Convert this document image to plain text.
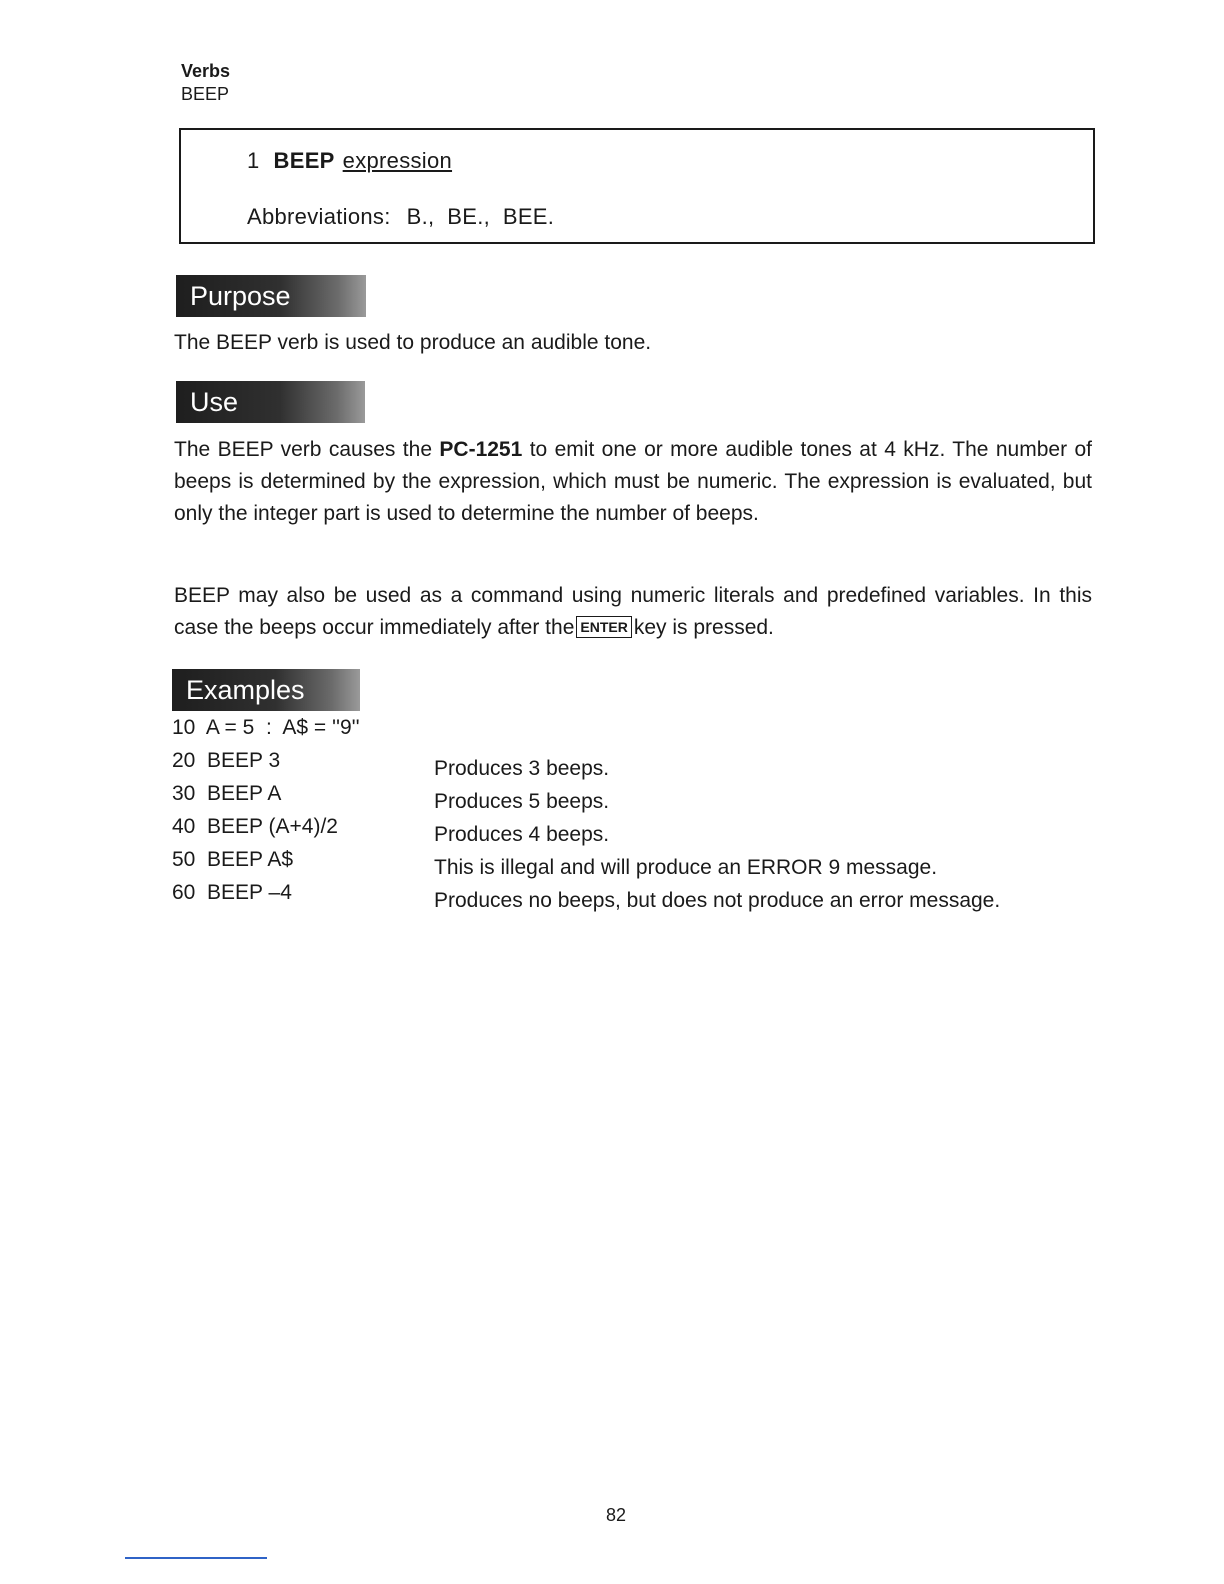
Verbs
BEEP
1 BEEP expression
Abbreviations: B.,  BE.,  BEE.
Purpose
The BEEP verb is used to produce an audible tone.
Use
The BEEP verb causes the PC-1251 to emit one or more audible tones at 4 kHz. The number of beeps is determined by the expression, which must be numeric. The expression is evaluated, but only the integer part is used to determine the number of beeps.
BEEP may also be used as a command using numeric literals and predefined variables. In this case the beeps occur immediately after the ENTER key is pressed.
Examples
10  A = 5  :  A$ = ''9''
20  BEEP 3	Produces 3 beeps.
30  BEEP A	Produces 5 beeps.
40  BEEP (A+4)/2	Produces 4 beeps.
50  BEEP A$	This is illegal and will produce an ERROR 9 message.
60  BEEP –4	Produces no beeps, but does not produce an error message.
82
